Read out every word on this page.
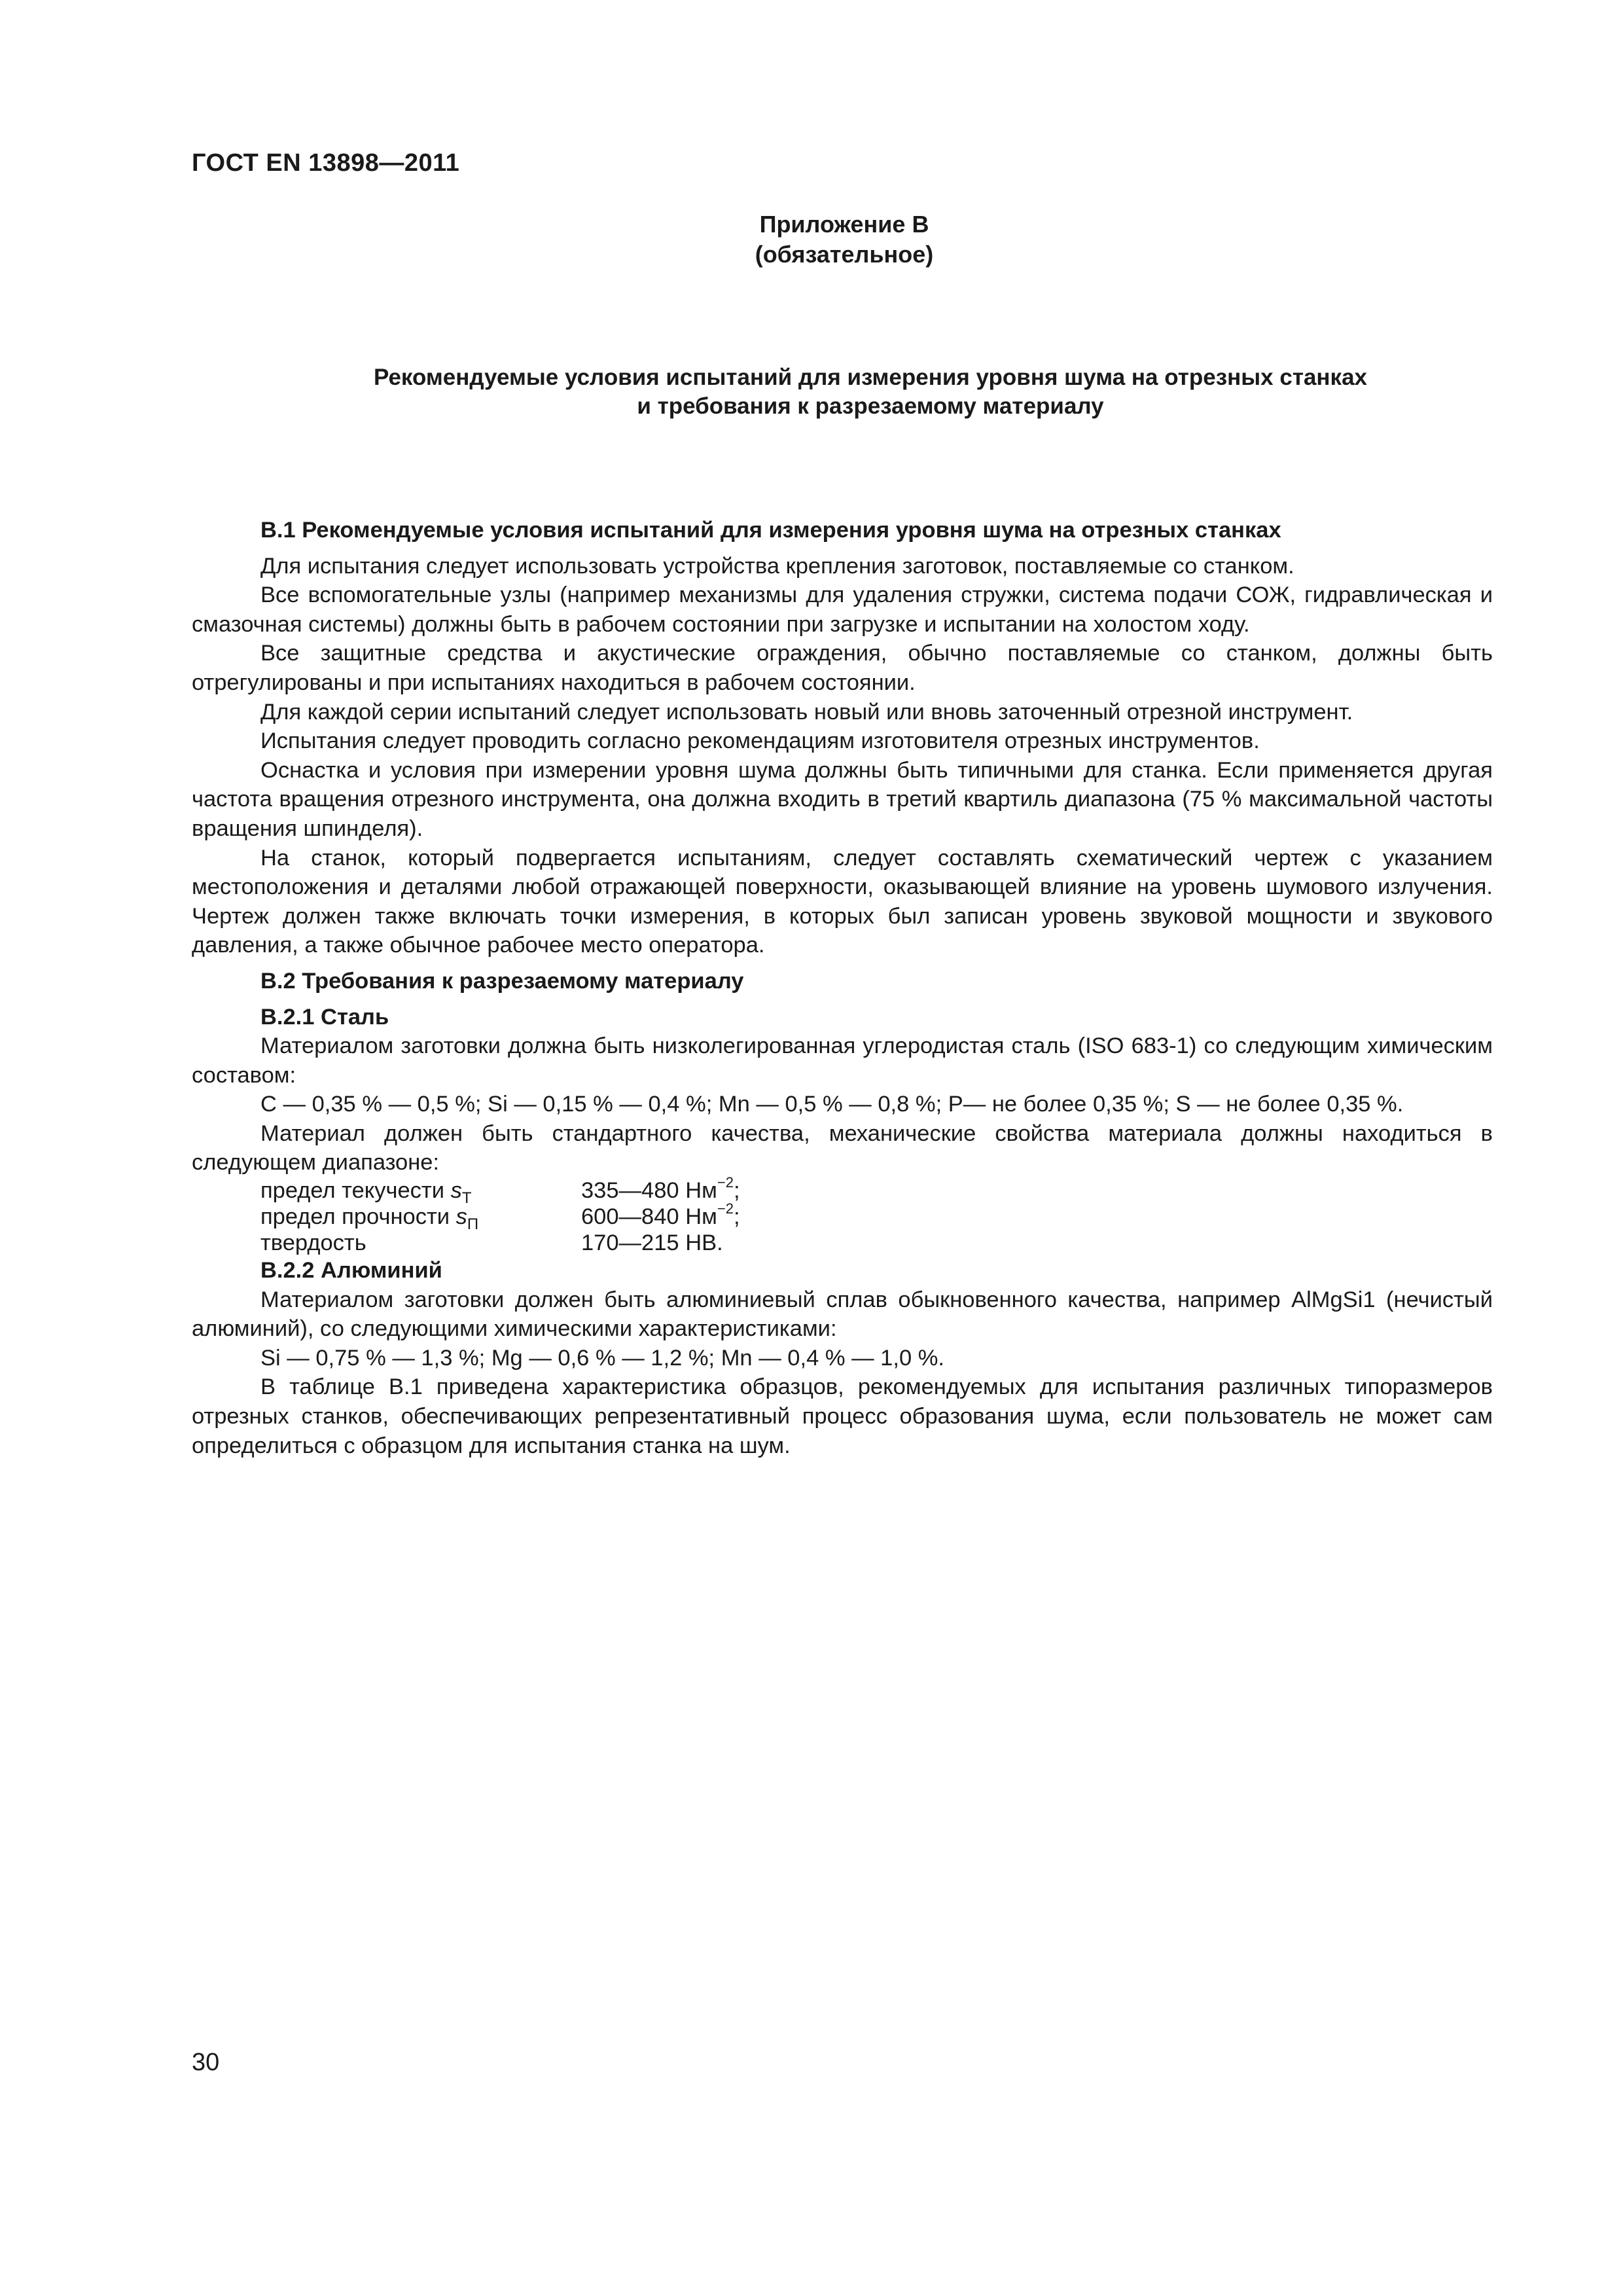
ГОСТ EN 13898—2011
Приложение В
(обязательное)
Рекомендуемые условия испытаний для измерения уровня шума на отрезных станках
и требования к разрезаемому материалу
В.1 Рекомендуемые условия испытаний для измерения уровня шума на отрезных станках

Для испытания следует использовать устройства крепления заготовок, поставляемые со станком.

Все вспомогательные узлы (например механизмы для удаления стружки, система подачи СОЖ, гидравлическая и смазочная системы) должны быть в рабочем состоянии при загрузке и испытании на холостом ходу.

Все защитные средства и акустические ограждения, обычно поставляемые со станком, должны быть отрегулированы и при испытаниях находиться в рабочем состоянии.

Для каждой серии испытаний следует использовать новый или вновь заточенный отрезной инструмент.

Испытания следует проводить согласно рекомендациям изготовителя отрезных инструментов.

Оснастка и условия при измерении уровня шума должны быть типичными для станка. Если применяется другая частота вращения отрезного инструмента, она должна входить в третий квартиль диапазона (75 % максимальной частоты вращения шпинделя).

На станок, который подвергается испытаниям, следует составлять схематический чертеж с указанием местоположения и деталями любой отражающей поверхности, оказывающей влияние на уровень шумового излучения. Чертеж должен также включать точки измерения, в которых был записан уровень звуковой мощности и звукового давления, а также обычное рабочее место оператора.

В.2 Требования к разрезаемому материалу
В.2.1 Сталь

Материалом заготовки должна быть низколегированная углеродистая сталь (ISO 683-1) со следующим химическим составом:

С — 0,35 % — 0,5 %; Si — 0,15 % — 0,4 %; Mn — 0,5 % — 0,8 %; P— не более 0,35 %; S — не более 0,35 %.

Материал должен быть стандартного качества, механические свойства материала должны находиться в следующем диапазоне:

предел текучести $s_T$	335—480 $Нм^{-2}$;
предел прочности $s_П$	600—840 $Нм^{-2}$;
твердость	170—215 НВ.
В.2.2 Алюминий

Материалом заготовки должен быть алюминиевый сплав обыкновенного качества, например AlMgSi1 (нечистый алюминий), со следующими химическими характеристиками:

Si — 0,75 % — 1,3 %; Mg — 0,6 % — 1,2 %; Mn — 0,4 % — 1,0 %.

В таблице В.1 приведена характеристика образцов, рекомендуемых для испытания различных типоразмеров отрезных станков, обеспечивающих репрезентативный процесс образования шума, если пользователь не может сам определиться с образцом для испытания станка на шум.

30
